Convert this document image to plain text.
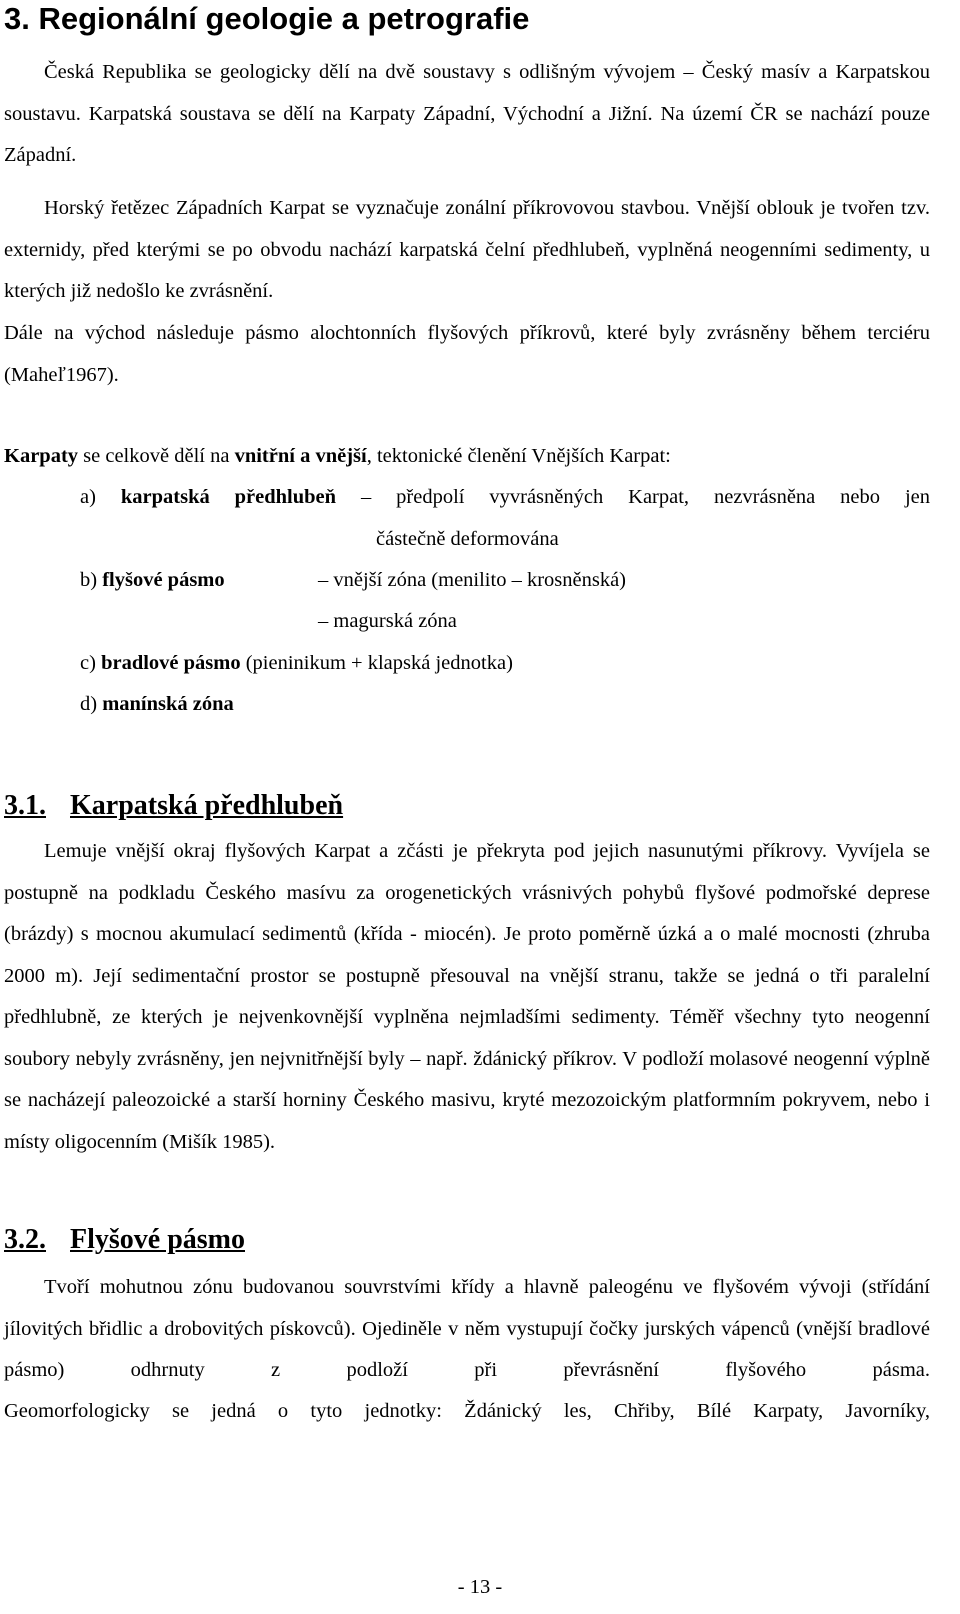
3. Regionální geologie a petrografie

Česká Republika se geologicky dělí na dvě soustavy s odlišným vývojem – Český masív a Karpatskou soustavu. Karpatská soustava se dělí na Karpaty Západní, Východní a Jižní. Na území ČR se nachází pouze Západní.

Horský řetězec Západních Karpat se vyznačuje zonální příkrovovou stavbou. Vnější oblouk je tvořen tzv. externidy, před kterými se po obvodu nachází karpatská čelní předhlubeň, vyplněná neogenními sedimenty, u kterých již nedošlo ke zvrásnění.

Dále na východ následuje pásmo alochtonních flyšových příkrovů, které byly zvrásněny během terciéru (Maheľ1967).

Karpaty se celkově dělí na vnitřní a vnější, tektonické členění Vnějších Karpat:

a) karpatská předhlubeň – předpolí vyvrásněných Karpat, nezvrásněna nebo jen

částečně deformována

b) flyšové pásmo	– vnější zóna (menilito – krosněnská)

– magurská zóna

c) bradlové pásmo (pieninikum + klapská jednotka)

d) manínská zóna

3.1. Karpatská předhlubeň

Lemuje vnější okraj flyšových Karpat a zčásti je překryta pod jejich nasunutými příkrovy. Vyvíjela se postupně na podkladu Českého masívu za orogenetických vrásnivých pohybů flyšové podmořské deprese (brázdy) s mocnou akumulací sedimentů (křída - miocén). Je proto poměrně úzká a o malé mocnosti (zhruba 2000 m). Její sedimentační prostor se postupně přesouval na vnější stranu, takže se jedná o tři paralelní předhlubně, ze kterých je nejvenkovnější vyplněna nejmladšími sedimenty. Téměř všechny tyto neogenní soubory nebyly zvrásněny, jen nejvnitřnější byly – např. ždánický příkrov. V podloží molasové neogenní výplně se nacházejí paleozoické a starší horniny Českého masivu, kryté mezozoickým platformním pokryvem, nebo i místy oligocenním (Mišík 1985).

3.2. Flyšové pásmo

Tvoří mohutnou zónu budovanou souvrstvími křídy a hlavně paleogénu ve flyšovém vývoji (střídání jílovitých břidlic a drobovitých pískovců). Ojediněle v něm vystupují čočky jurských vápenců (vnější bradlové pásmo) odhrnuty z podloží při převrásnění flyšového pásma.

Geomorfologicky se jedná o tyto jednotky: Ždánický les, Chřiby, Bílé Karpaty, Javorníky,

- 13 -
